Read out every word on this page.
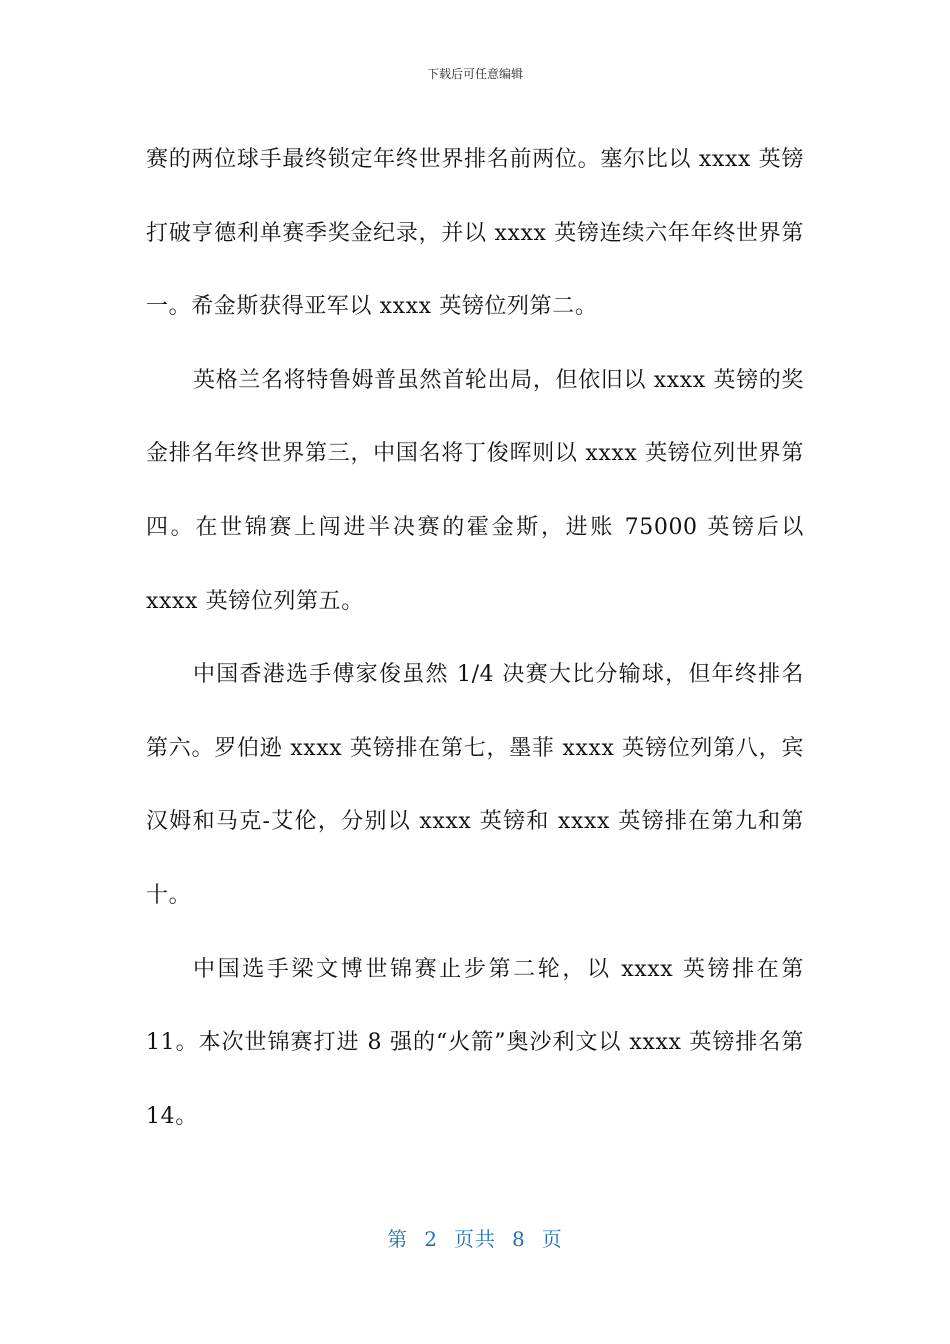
下载后可任意编辑

赛的两位球手最终锁定年终世界排名前两位。塞尔比以 xxxx 英镑打破亨德利单赛季奖金纪录，并以 xxxx 英镑连续六年年终世界第一。希金斯获得亚军以 xxxx 英镑位列第二。

英格兰名将特鲁姆普虽然首轮出局，但依旧以 xxxx 英镑的奖金排名年终世界第三，中国名将丁俊晖则以 xxxx 英镑位列世界第四。在世锦赛上闯进半决赛的霍金斯，进账 75000 英镑后以 xxxx 英镑位列第五。

中国香港选手傅家俊虽然 1/4 决赛大比分输球，但年终排名第六。罗伯逊 xxxx 英镑排在第七，墨菲 xxxx 英镑位列第八，宾汉姆和马克-艾伦，分别以 xxxx 英镑和 xxxx 英镑排在第九和第十。

中国选手梁文博世锦赛止步第二轮，以 xxxx 英镑排在第 11。本次世锦赛打进 8 强的“火箭”奥沙利文以 xxxx 英镑排名第 14。

第 2 页共 8 页
